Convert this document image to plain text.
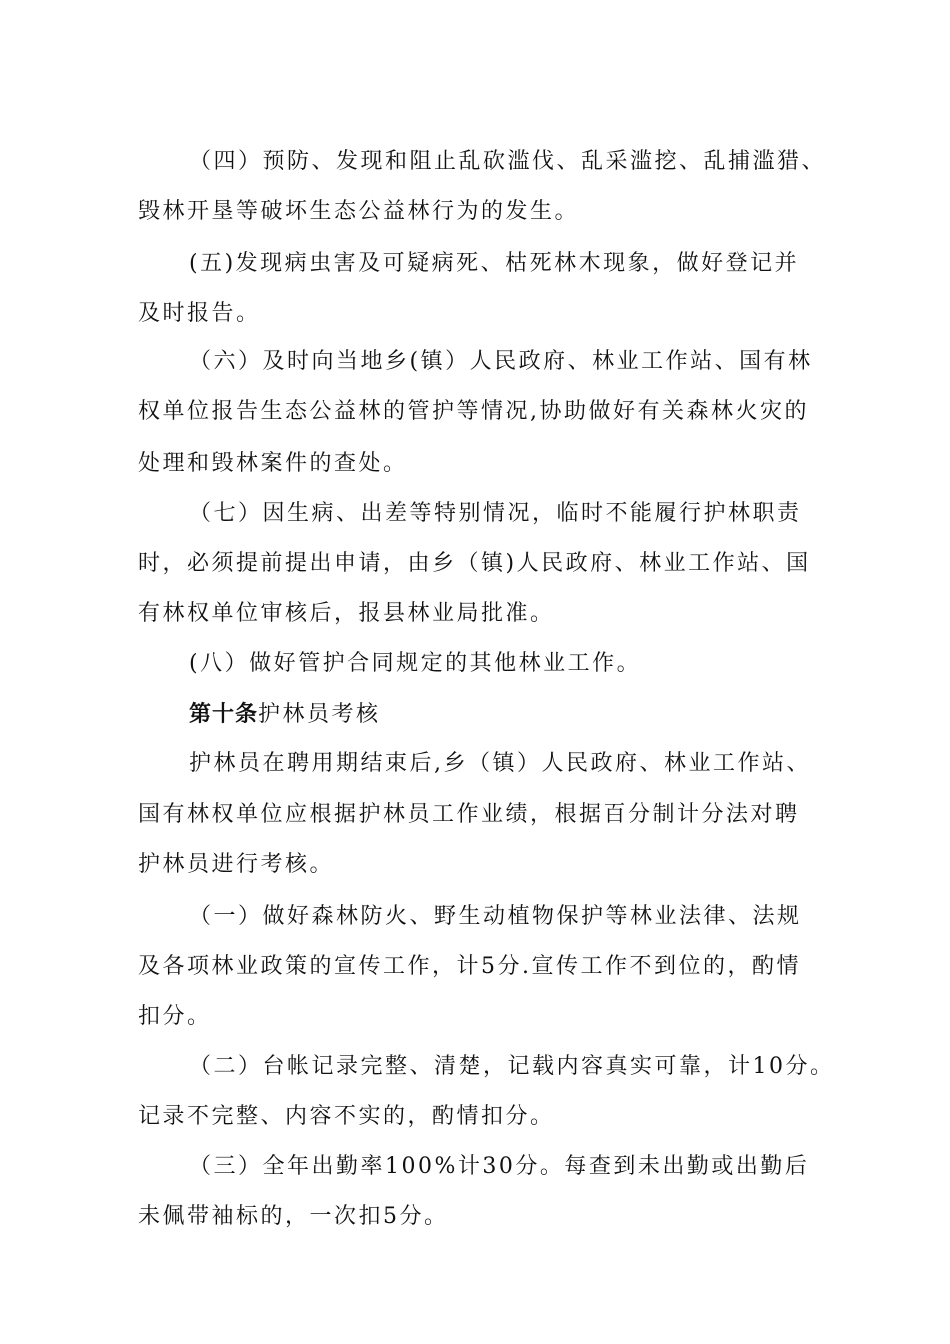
（四）预防、发现和阻止乱砍滥伐、乱采滥挖、乱捕滥猎、
毁林开垦等破坏生态公益林行为的发生。
(五)发现病虫害及可疑病死、枯死林木现象，做好登记并
及时报告。
（六）及时向当地乡(镇）人民政府、林业工作站、国有林
权单位报告生态公益林的管护等情况,协助做好有关森林火灾的
处理和毁林案件的查处。
（七）因生病、出差等特别情况，临时不能履行护林职责
时，必须提前提出申请，由乡（镇)人民政府、林业工作站、国
有林权单位审核后，报县林业局批准。
(八）做好管护合同规定的其他林业工作。
第十条护林员考核
护林员在聘用期结束后,乡（镇）人民政府、林业工作站、
国有林权单位应根据护林员工作业绩，根据百分制计分法对聘
护林员进行考核。
（一）做好森林防火、野生动植物保护等林业法律、法规
及各项林业政策的宣传工作，计5分.宣传工作不到位的，酌情
扣分。
（二）台帐记录完整、清楚，记载内容真实可靠，计10分。
记录不完整、内容不实的，酌情扣分。
（三）全年出勤率100%计30分。每查到未出勤或出勤后
未佩带袖标的，一次扣5分。
